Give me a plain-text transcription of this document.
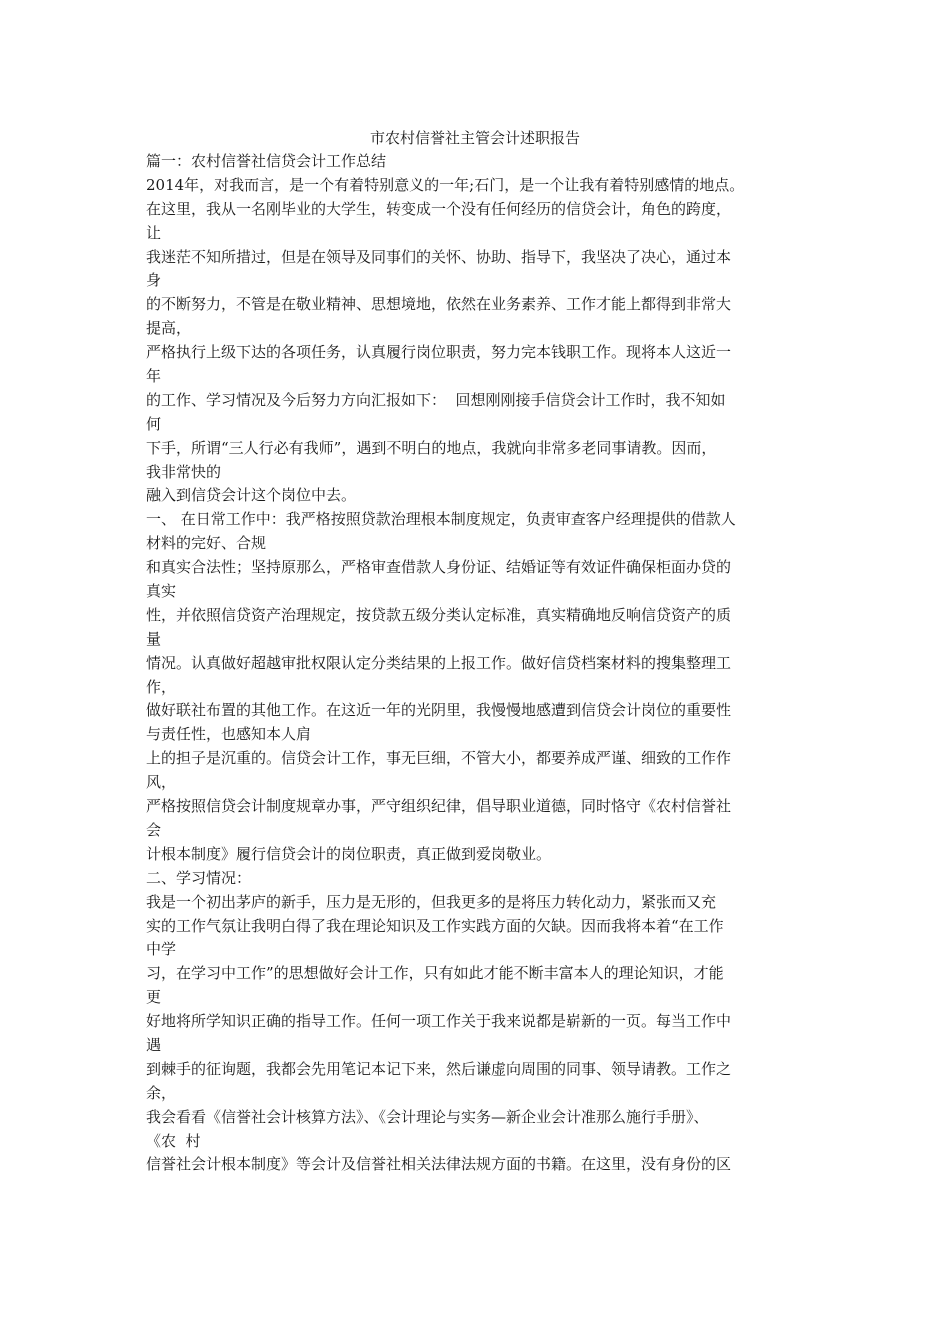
市农村信誉社主管会计述职报告
篇一：农村信誉社信贷会计工作总结
2014年，对我而言，是一个有着特别意义的一年;石门，是一个让我有着特别感情的地点。
在这里，我从一名刚毕业的大学生，转变成一个没有任何经历的信贷会计，角色的跨度，
让
我迷茫不知所措过，但是在领导及同事们的关怀、协助、指导下，我坚决了决心，通过本
身
的不断努力，不管是在敬业精神、思想境地，依然在业务素养、工作才能上都得到非常大
提高，
严格执行上级下达的各项任务，认真履行岗位职责，努力完本钱职工作。现将本人这近一
年
的工作、学习情况及今后努力方向汇报如下：  回想刚刚接手信贷会计工作时，我不知如
何
下手，所谓“三人行必有我师”，遇到不明白的地点，我就向非常多老同事请教。因而，
我非常快的
融入到信贷会计这个岗位中去。
一、 在日常工作中：我严格按照贷款治理根本制度规定，负责审查客户经理提供的借款人
材料的完好、合规
和真实合法性；坚持原那么，严格审查借款人身份证、结婚证等有效证件确保柜面办贷的
真实
性，并依照信贷资产治理规定，按贷款五级分类认定标准，真实精确地反响信贷资产的质
量
情况。认真做好超越审批权限认定分类结果的上报工作。做好信贷档案材料的搜集整理工
作，
做好联社布置的其他工作。在这近一年的光阴里，我慢慢地感遭到信贷会计岗位的重要性
与责任性，也感知本人肩
上的担子是沉重的。信贷会计工作，事无巨细，不管大小，都要养成严谨、细致的工作作
风，
严格按照信贷会计制度规章办事，严守组织纪律，倡导职业道德，同时恪守《农村信誉社
会
计根本制度》履行信贷会计的岗位职责，真正做到爱岗敬业。
二、学习情况：
我是一个初出茅庐的新手，压力是无形的，但我更多的是将压力转化动力，紧张而又充
实的工作气氛让我明白得了我在理论知识及工作实践方面的欠缺。因而我将本着“在工作
中学
习，在学习中工作”的思想做好会计工作，只有如此才能不断丰富本人的理论知识，才能
更
好地将所学知识正确的指导工作。任何一项工作关于我来说都是崭新的一页。每当工作中
遇
到棘手的征询题，我都会先用笔记本记下来，然后谦虚向周围的同事、领导请教。工作之
余，
我会看看《信誉社会计核算方法》、《会计理论与实务—新企业会计准那么施行手册》、
《农  村
信誉社会计根本制度》等会计及信誉社相关法律法规方面的书籍。在这里，没有身份的区
